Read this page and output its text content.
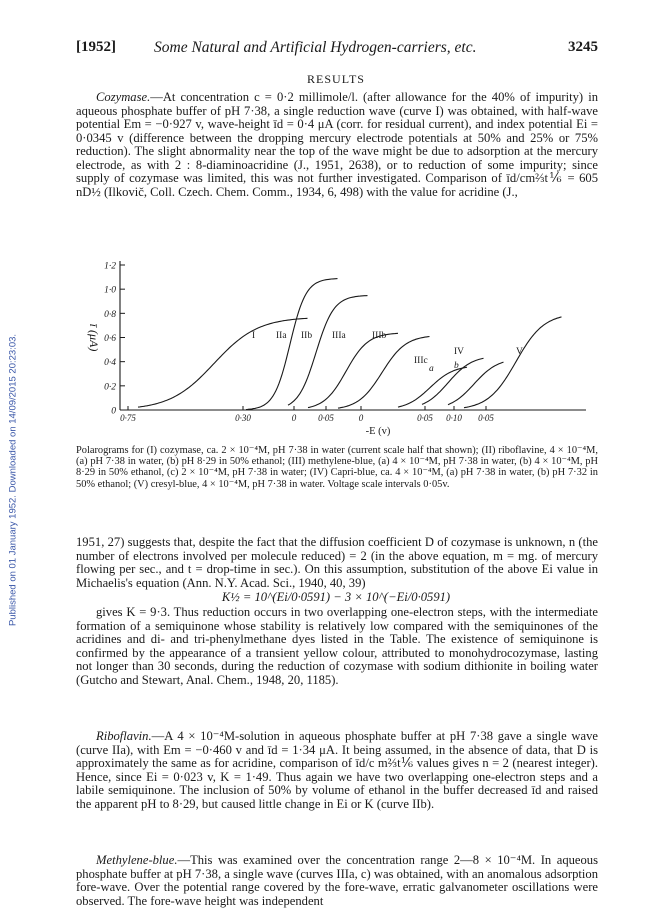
Published on 01 January 1952. Downloaded on 14/09/2015 20:23:03.
[1952] Some Natural and Artificial Hydrogen-carriers, etc.	3245
RESULTS

Cozymase.—At concentration c = 0·2 millimole/l. (after allowance for the 40% of impurity) in aqueous phosphate buffer of pH 7·38, a single reduction wave (curve I) was obtained, with half-wave potential Em = −0·927 v, wave-height īd = 0·4 μA (corr. for residual current), and index potential Ei = 0·0345 v (difference between the dropping mercury electrode potentials at 50% and 25% or 75% reduction). The slight abnormality near the top of the wave might be due to adsorption at the mercury electrode, as with 2 : 8-diaminoacridine (J., 1951, 2638), or to reduction of some impurity; since supply of cozymase was limited, this was not further investigated. Comparison of īd/cm⅔t⅙ = 605 nD½ (Ilkovič, Coll. Czech. Chem. Comm., 1934, 6, 498) with the value for acridine (J.,

0
0·2
0·4
0·6
0·8
1·0
1·2
ī (μA)
0·75	0·30	0 0·05	0	0·05 0·10 0·05
-E (v)
I IIa IIb IIIa	IIIb
IIIc
a
IV
b
V

Polarograms for (I) cozymase, ca. 2 × 10⁻⁴M, pH 7·38 in water (current scale half that shown); (II) riboflavine, 4 × 10⁻⁴M, (a) pH 7·38 in water, (b) pH 8·29 in 50% ethanol; (III) methylene-blue, (a) 4 × 10⁻⁴M, pH 7·38 in water, (b) 4 × 10⁻⁴M, pH 8·29 in 50% ethanol, (c) 2 × 10⁻⁴M, pH 7·38 in water; (IV) Capri-blue, ca. 4 × 10⁻⁴M, (a) pH 7·38 in water, (b) pH 7·32 in 50% ethanol; (V) cresyl-blue, 4 × 10⁻⁴M, pH 7·38 in water. Voltage scale intervals 0·05v.

1951, 27) suggests that, despite the fact that the diffusion coefficient D of cozymase is unknown, n (the number of electrons involved per molecule reduced) = 2 (in the above equation, m = mg. of mercury flowing per sec., and t = drop-time in sec.). On this assumption, substitution of the above Ei value in Michaelis's equation (Ann. N.Y. Acad. Sci., 1940, 40, 39)

K½ = 10^(Ei/0·0591) − 3 × 10^(−Ei/0·0591)

gives K = 9·3. Thus reduction occurs in two overlapping one-electron steps, with the intermediate formation of a semiquinone whose stability is relatively low compared with the semiquinones of the acridines and di- and tri-phenylmethane dyes listed in the Table. The existence of semiquinone is confirmed by the appearance of a transient yellow colour, attributed to monohydrocozymase, lasting not longer than 30 seconds, during the reduction of cozymase with sodium dithionite in boiling water (Gutcho and Stewart, Anal. Chem., 1948, 20, 1185).

Riboflavin.—A 4 × 10⁻⁴M-solution in aqueous phosphate buffer at pH 7·38 gave a single wave (curve IIa), with Em = −0·460 v and īd = 1·34 μA. It being assumed, in the absence of data, that D is approximately the same as for acridine, comparison of īd/c m⅔t⅙ values gives n = 2 (nearest integer). Hence, since Ei = 0·023 v, K = 1·49. Thus again we have two overlapping one-electron steps and a labile semiquinone. The inclusion of 50% by volume of ethanol in the buffer decreased īd and raised the apparent pH to 8·29, but caused little change in Ei or K (curve IIb).

Methylene-blue.—This was examined over the concentration range 2—8 × 10⁻⁴M. In aqueous phosphate buffer at pH 7·38, a single wave (curves IIIa, c) was obtained, with an anomalous adsorption fore-wave. Over the potential range covered by the fore-wave, erratic galvanometer oscillations were observed. The fore-wave height was independent
